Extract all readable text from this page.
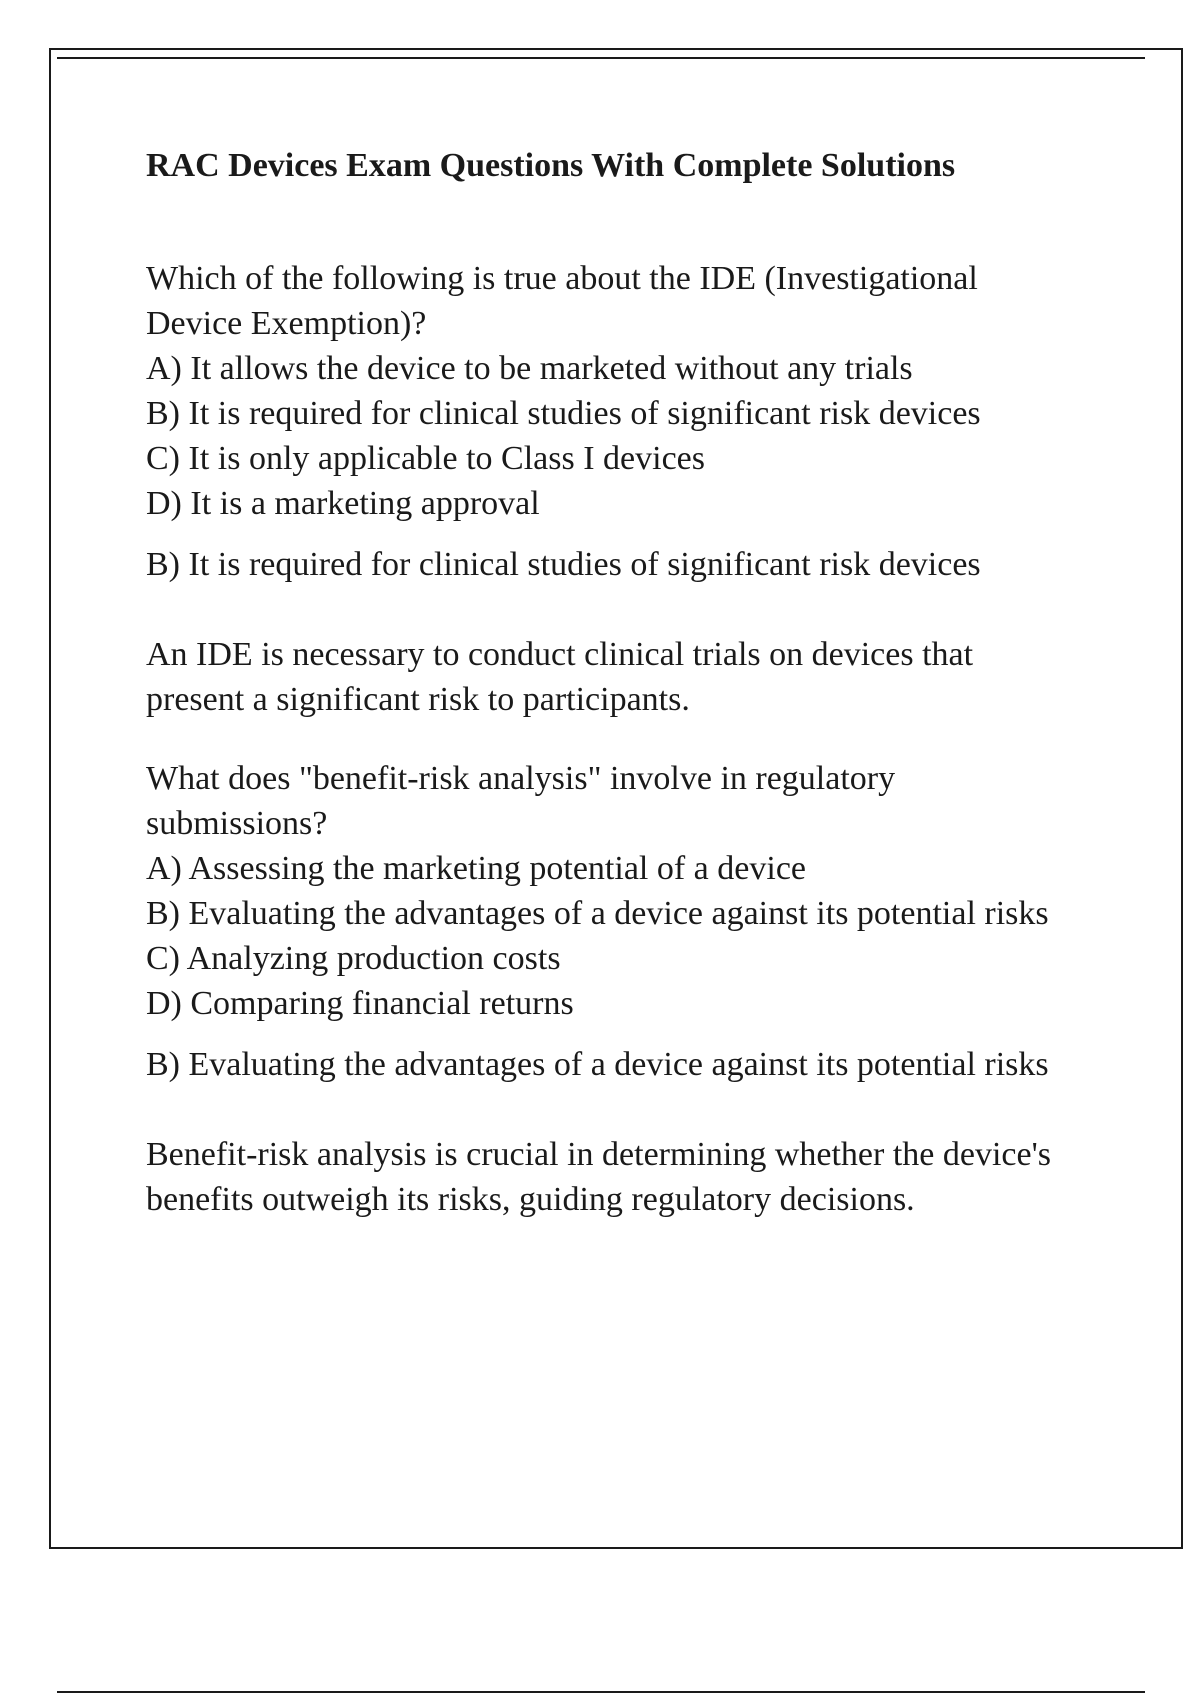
RAC Devices Exam Questions With Complete Solutions

Which of the following is true about the IDE (Investigational Device Exemption)?

A) It allows the device to be marketed without any trials

B) It is required for clinical studies of significant risk devices

C) It is only applicable to Class I devices

D) It is a marketing approval

B) It is required for clinical studies of significant risk devices

An IDE is necessary to conduct clinical trials on devices that present a significant risk to participants.

What does "benefit-risk analysis" involve in regulatory submissions?

A) Assessing the marketing potential of a device

B) Evaluating the advantages of a device against its potential risks

C) Analyzing production costs

D) Comparing financial returns

B) Evaluating the advantages of a device against its potential risks

Benefit-risk analysis is crucial in determining whether the device's benefits outweigh its risks, guiding regulatory decisions.
